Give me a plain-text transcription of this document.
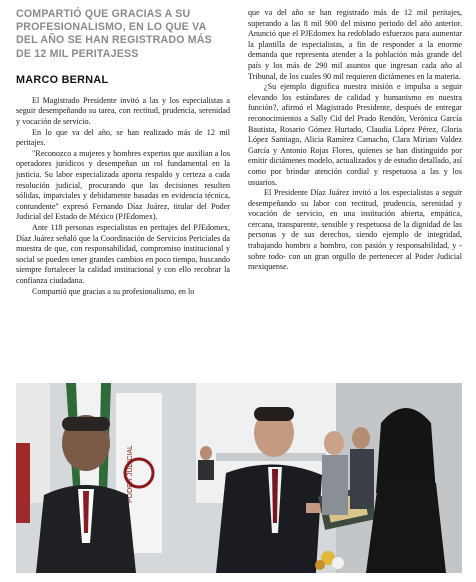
COMPARTIÓ QUE GRACIAS A SU PROFESIONALISMO, EN LO QUE VA DEL AÑO SE HAN REGISTRADO MÁS DE 12 MIL PERITAJESS

MARCO BERNAL

El Magistrado Presidente invitó a las y los especialistas a seguir desempeñando su tarea, con rectitud, prudencia, serenidad y vocación de servicio.

En lo que va del año, se han realizado más de 12 mil peritajes.

"Reconozco a mujeres y hombres expertos que auxilian a los operadores jurídicos y desempeñan un rol fundamental en la justicia. Su labor especializada aporta respaldo y certeza a cada resolución judicial, procurando que las decisiones resulten sólidas, imparciales y debidamente basadas en evidencia técnica, contundente" expresó Fernando Díaz Juárez, titular del Poder Judicial del Estado de México (PJEdomex).

Ante 118 personas especialistas en peritajes del PJEdomex, Díaz Juárez señaló que la Coordinación de Servicios Periciales da muestra de que, con responsabilidad, compromiso institucional y social se pueden tener grandes cambios en poco tiempo, buscando siempre fortalecer la calidad institucional y con ello recobrar la confianza ciudadana.

Compartió que gracias a su profesionalismo, en lo

que va del año se han registrado más de 12 mil peritajes, superando a las 8 mil 900 del mismo periodo del año anterior. Anunció que el PJEdomex ha redoblado esfuerzos para aumentar la plantilla de especialistas, a fin de responder a la enorme demanda que representa atender a la población más grande del país y los más de 290 mil asuntos que ingresan cada año al Tribunal, de los cuales 90 mil requieren dictámenes en la materia.

¿Su ejemplo dignifica nuestra misión e impulsa a seguir elevando los estándares de calidad y humanismo en nuestra función?, afirmó el Magistrado Presidente, después de entregar reconocimientos a Sally Cid del Prado Rendón, Verónica García Bautista, Rosario Gómez Hurtado, Claudia López Pérez, Gloria López Santiago, Alicia Ramírez Camacho, Clara Miriam Valdez García y Antonio Rojas Flores, quienes se han distinguido por emitir dictámenes modelo, actualizados y de estudio detallado, así como por brindar atención cordial y respetuosa a las y los usuarios.

El Presidente Díaz Juárez invitó a los especialistas a seguir desempeñando su labor con rectitud, prudencia, serenidad y vocación de servicio, en una institución abierta, empática, cercana, transparente, sensible y respetuosa de la dignidad de las personas y de sus derechos, siendo ejemplo de integridad, trabajando hombro a hombro, con pasión y responsabilidad, y -sobre todo- con un gran orgullo de pertenecer al Poder Judicial mexiquense.

PODER JUDICIAL
